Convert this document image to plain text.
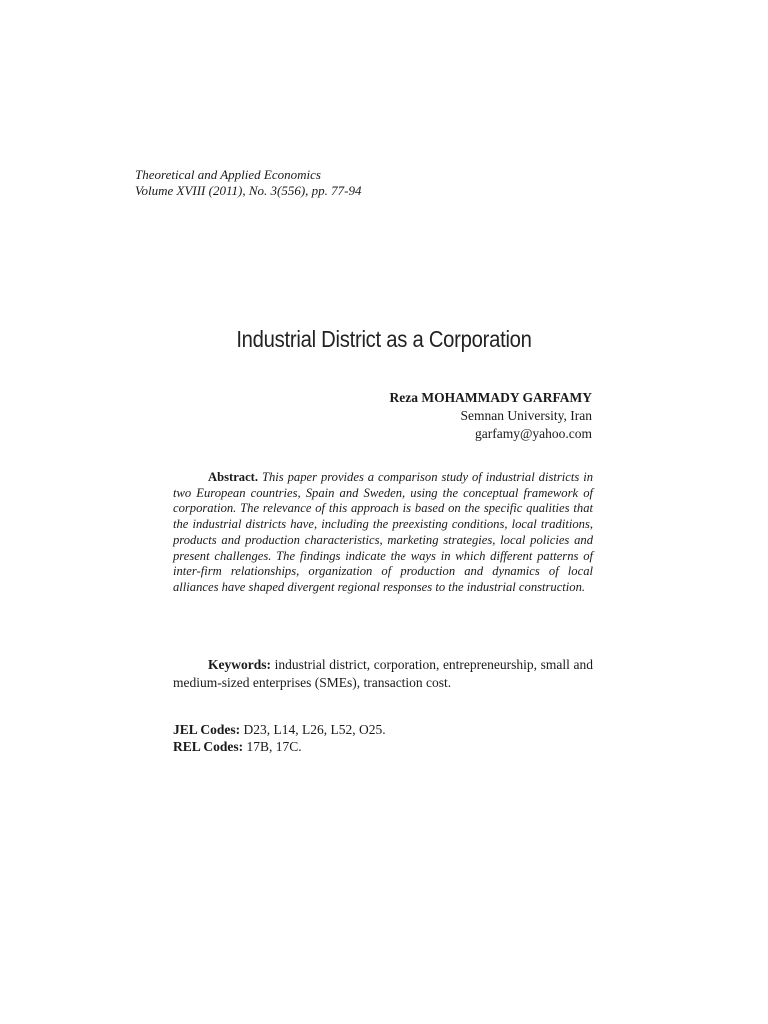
Theoretical and Applied Economics
Volume XVIII (2011), No. 3(556), pp. 77-94
Industrial District as a Corporation
Reza MOHAMMADY GARFAMY
Semnan University, Iran
garfamy@yahoo.com
Abstract. This paper provides a comparison study of industrial districts in two European countries, Spain and Sweden, using the conceptual framework of corporation. The relevance of this approach is based on the specific qualities that the industrial districts have, including the preexisting conditions, local traditions, products and production characteristics, marketing strategies, local policies and present challenges. The findings indicate the ways in which different patterns of inter-firm relationships, organization of production and dynamics of local alliances have shaped divergent regional responses to the industrial construction.
Keywords: industrial district, corporation, entrepreneurship, small and medium-sized enterprises (SMEs), transaction cost.
JEL Codes: D23, L14, L26, L52, O25.
REL Codes: 17B, 17C.
